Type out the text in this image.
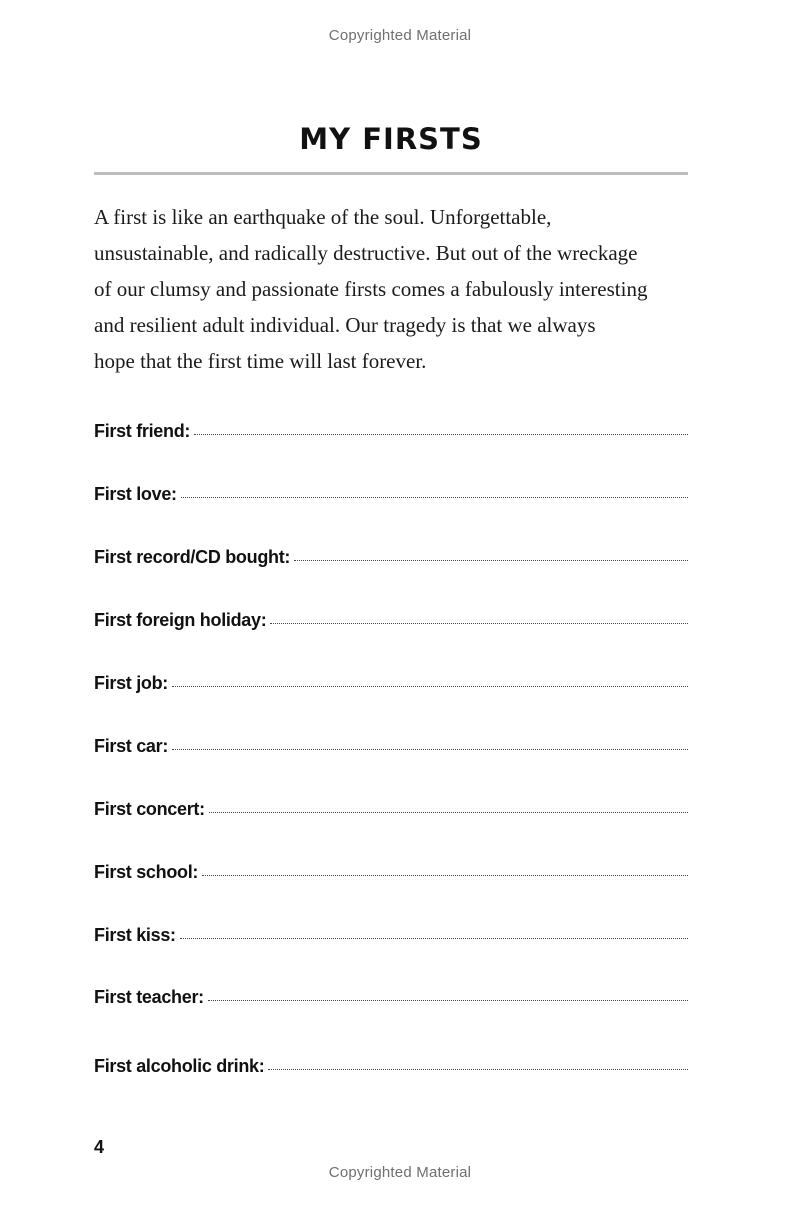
Copyrighted Material
MY FIRSTS

A first is like an earthquake of the soul. Unforgettable,
unsustainable, and radically destructive. But out of the wreckage
of our clumsy and passionate firsts comes a fabulously interesting
and resilient adult individual. Our tragedy is that we always
hope that the first time will last forever.

First friend:
First love:
First record/CD bought:
First foreign holiday:
First job:
First car:
First concert:
First school:
First kiss:
First teacher:
First alcoholic drink:
4
Copyrighted Material
